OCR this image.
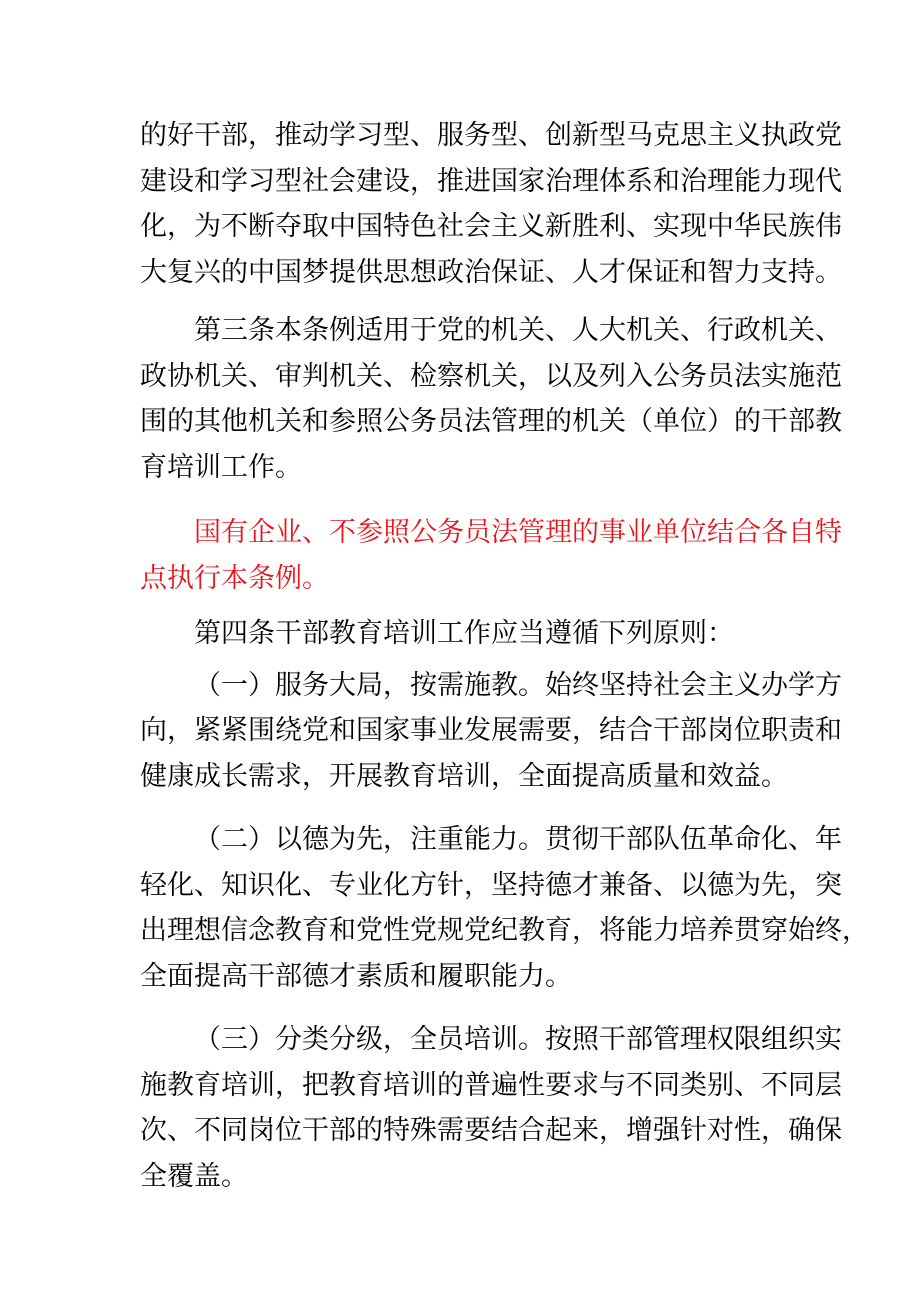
的好干部，推动学习型、服务型、创新型马克思主义执政党
建设和学习型社会建设，推进国家治理体系和治理能力现代
化，为不断夺取中国特色社会主义新胜利、实现中华民族伟
大复兴的中国梦提供思想政治保证、人才保证和智力支持。
第三条本条例适用于党的机关、人大机关、行政机关、
政协机关、审判机关、检察机关，以及列入公务员法实施范
围的其他机关和参照公务员法管理的机关（单位）的干部教
育培训工作。
国有企业、不参照公务员法管理的事业单位结合各自特
点执行本条例。
第四条干部教育培训工作应当遵循下列原则：
（一）服务大局，按需施教。始终坚持社会主义办学方
向，紧紧围绕党和国家事业发展需要，结合干部岗位职责和
健康成长需求，开展教育培训，全面提高质量和效益。
（二）以德为先，注重能力。贯彻干部队伍革命化、年
轻化、知识化、专业化方针，坚持德才兼备、以德为先，突
出理想信念教育和党性党规党纪教育，将能力培养贯穿始终，
全面提高干部德才素质和履职能力。
（三）分类分级，全员培训。按照干部管理权限组织实
施教育培训，把教育培训的普遍性要求与不同类别、不同层
次、不同岗位干部的特殊需要结合起来，增强针对性，确保
全覆盖。
